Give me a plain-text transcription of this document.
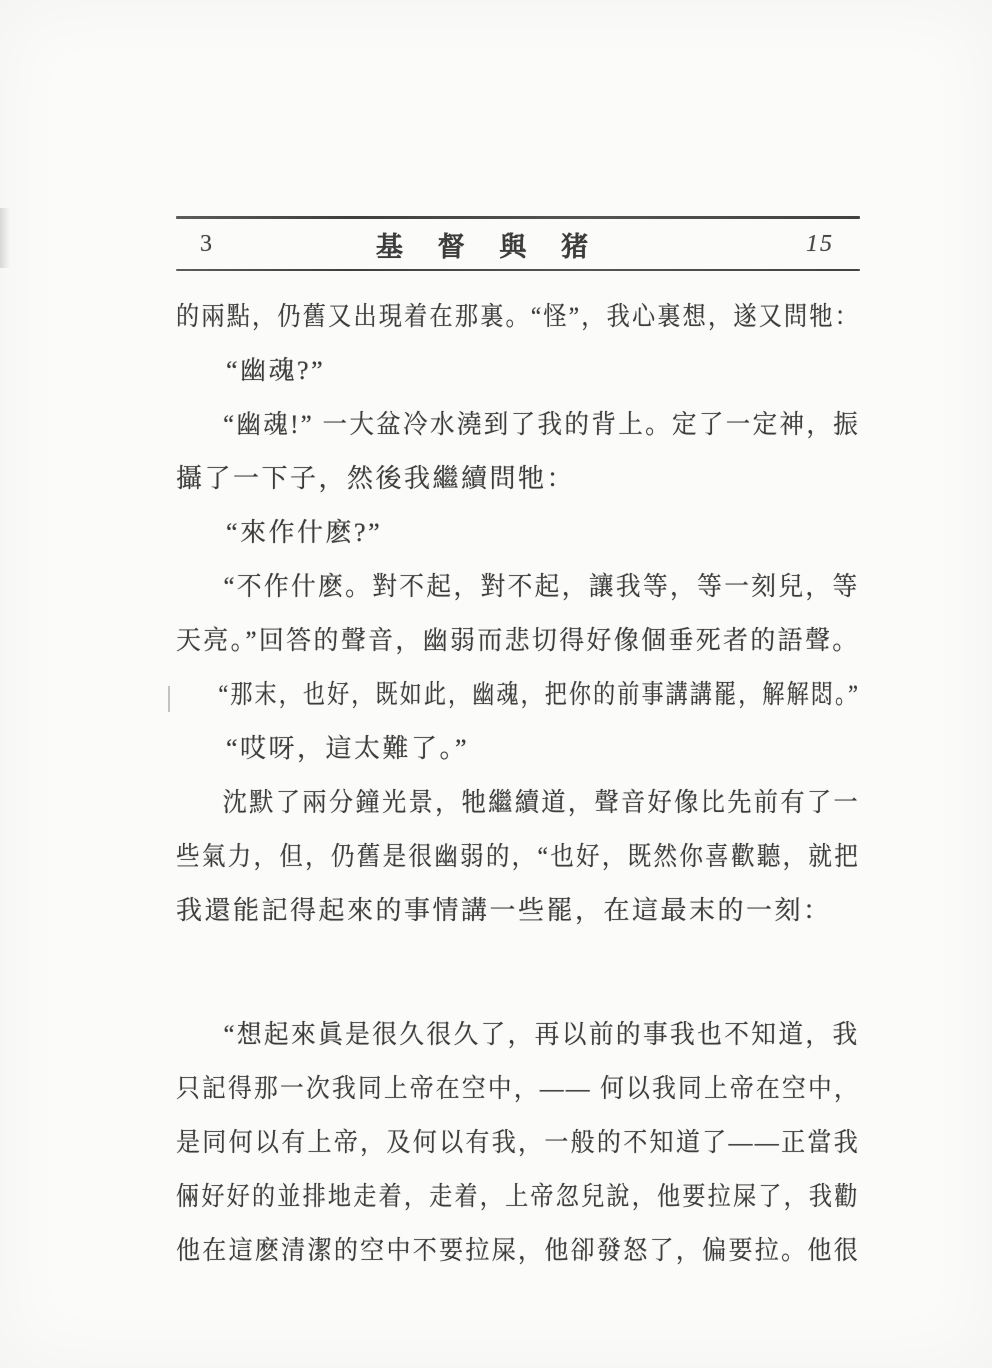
3	基 督 與 猪	15
的兩點，仍舊又出現着在那裏。“怪”，我心裏想，遂又問牠：
“幽魂?”
“幽魂!” 一大盆冷水澆到了我的背上。定了一定神，振
攝了一下子，然後我繼續問牠：
“來作什麽?”
“不作什麽。對不起，對不起，讓我等，等一刻兒，等
天亮。”回答的聲音，幽弱而悲切得好像個垂死者的語聲。
“那末，也好，既如此，幽魂，把你的前事講講罷，解解悶。”
“哎呀，這太難了。”
沈默了兩分鐘光景，牠繼續道，聲音好像比先前有了一
些氣力，但，仍舊是很幽弱的，“也好，既然你喜歡聽，就把
我還能記得起來的事情講一些罷，在這最末的一刻：
“想起來眞是很久很久了，再以前的事我也不知道，我
只記得那一次我同上帝在空中，—— 何以我同上帝在空中，
是同何以有上帝，及何以有我，一般的不知道了——正當我
倆好好的並排地走着，走着，上帝忽兒說，他要拉屎了，我勸
他在這麽清潔的空中不要拉屎，他卻發怒了，偏要拉。他很
